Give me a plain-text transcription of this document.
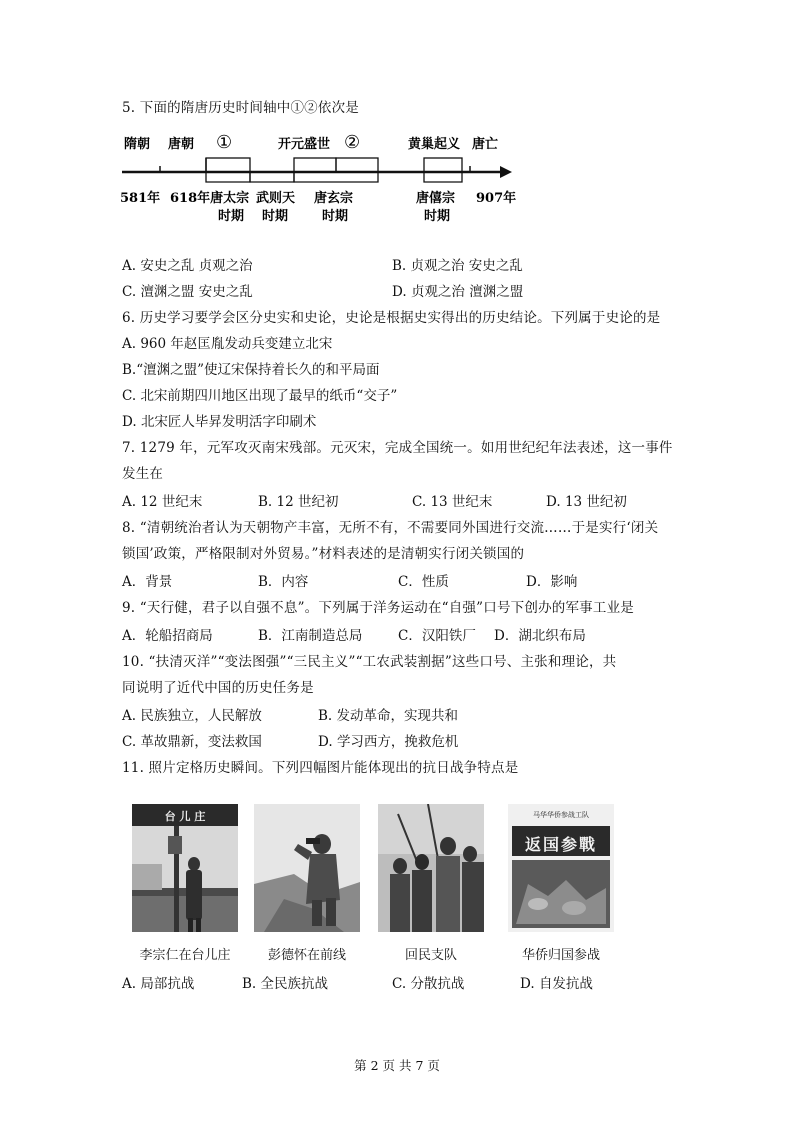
5. 下面的隋唐历史时间轴中①②依次是
隋朝 唐朝 ①	开元盛世 ②	黄巢起义 唐亡
581年 618年唐太宗
时期
武则天
时期
唐玄宗
时期
唐僖宗
时期
907年
A. 安史之乱 贞观之治	B. 贞观之治 安史之乱
C. 澶渊之盟 安史之乱	D. 贞观之治 澶渊之盟
6. 历史学习要学会区分史实和史论，史论是根据史实得出的历史结论。下列属于史论的是
A. 960 年赵匡胤发动兵变建立北宋
B.“澶渊之盟”使辽宋保持着长久的和平局面
C. 北宋前期四川地区出现了最早的纸币“交子”
D. 北宋匠人毕昇发明活字印刷术
7. 1279 年，元军攻灭南宋残部。元灭宋，完成全国统一。如用世纪纪年法表述，这一事件
发生在
A. 12 世纪末	B. 12 世纪初	C. 13 世纪末	D. 13 世纪初
8. “清朝统治者认为天朝物产丰富，无所不有，不需要同外国进行交流……于是实行‘闭关
锁国’政策，严格限制对外贸易。”材料表述的是清朝实行闭关锁国的
A．背景	B．内容	C．性质	D．影响
9. “天行健，君子以自强不息”。下列属于洋务运动在“自强”口号下创办的军事工业是
A．轮船招商局	B．江南制造总局	C．汉阳铁厂 D．湖北织布局
10. “扶清灭洋”“变法图强”“三民主义”“工农武装割据”这些口号、主张和理论，共
同说明了近代中国的历史任务是
A. 民族独立，人民解放	B. 发动革命，实现共和
C. 革故鼎新，变法救国	D. 学习西方，挽救危机
11. 照片定格历史瞬间。下列四幅图片能体现出的抗日战争特点是
台 儿 庄	马华华侨参战工队
返国参戰
李宗仁在台儿庄	彭德怀在前线	回民支队	华侨归国参战
A. 局部抗战	B. 全民族抗战	C. 分散抗战	D. 自发抗战
第 2 页 共 7 页
